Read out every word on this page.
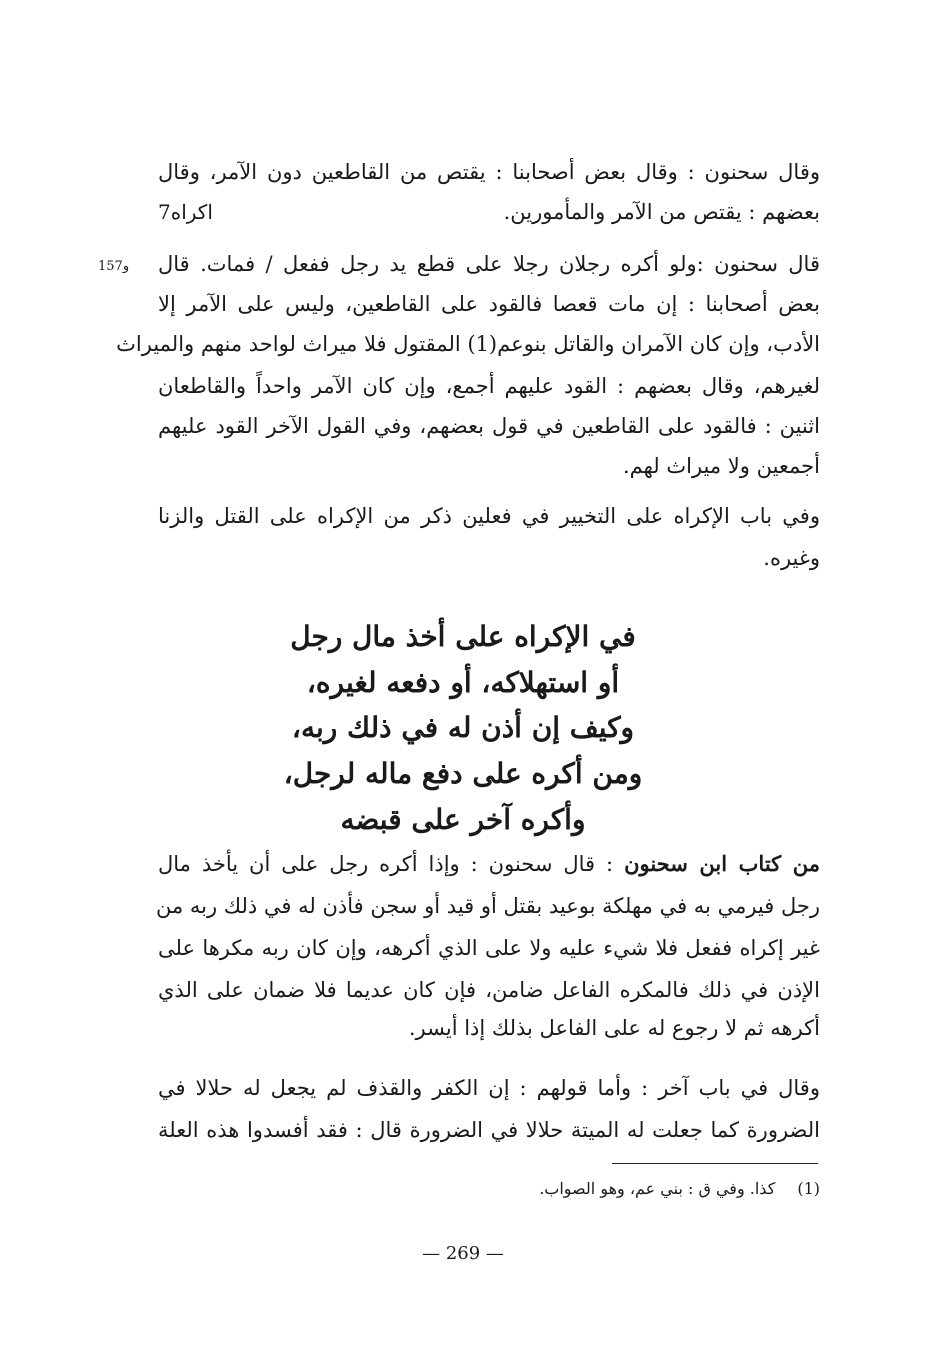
وقال سحنون : وقال بعض أصحابنا : يقتص من القاطعين دون الآمر، وقال
بعضهم : يقتص من الآمر والمأمورين.
اكراه7
157و قال سحنون :ولو أكره رجلان رجلا على قطع يد رجل ففعل / فمات. قال
بعض أصحابنا : إن مات قعصا فالقود على القاطعين، وليس على الآمر إلا
الأدب، وإن كان الآمران والقاتل بنوعم(1) المقتول فلا ميراث لواحد منهم والميراث
لغيرهم، وقال بعضهم : القود عليهم أجمع، وإن كان الآمر واحداً والقاطعان
اثنين : فالقود على القاطعين في قول بعضهم، وفي القول الآخر القود عليهم
أجمعين ولا ميراث لهم.
وفي باب الإكراه على التخيير في فعلين ذكر من الإكراه على القتل والزنا
وغيره.
في الإكراه على أخذ مال رجل
أو استهلاكه، أو دفعه لغيره،
وكيف إن أذن له في ذلك ربه،
ومن أكره على دفع ماله لرجل،
وأكره آخر على قبضه
من كتاب ابن سحنون : قال سحنون : وإذا أكره رجل على أن يأخذ مال
رجل فيرمي به في مهلكة بوعيد بقتل أو قيد أو سجن فأذن له في ذلك ربه من
غير إكراه ففعل فلا شيء عليه ولا على الذي أكرهه، وإن كان ربه مكرها على
الإذن في ذلك فالمكره الفاعل ضامن، فإن كان عديما فلا ضمان على الذي
أكرهه ثم لا رجوع له على الفاعل بذلك إذا أيسر.
وقال في باب آخر : وأما قولهم : إن الكفر والقذف لم يجعل له حلالا في
الضرورة كما جعلت له الميتة حلالا في الضرورة قال : فقد أفسدوا هذه العلة
(1)كذا. وفي ق : بني عم، وهو الصواب.
— 269 —
